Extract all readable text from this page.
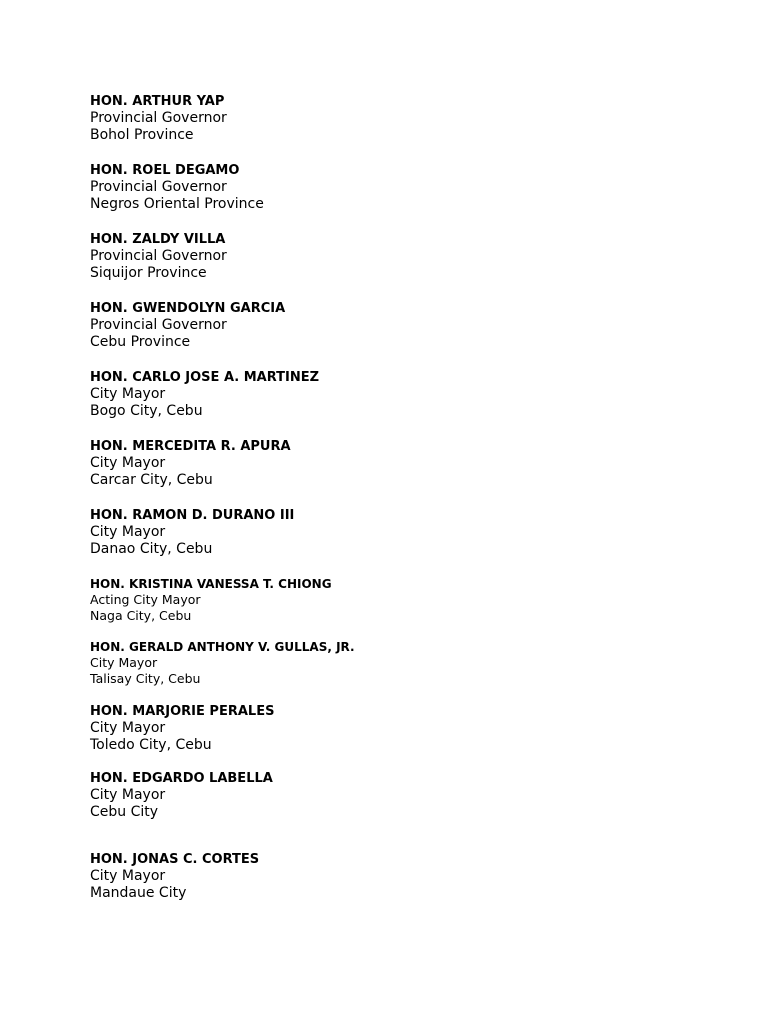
HON. ARTHUR YAP
Provincial Governor
Bohol Province
HON. ROEL DEGAMO
Provincial Governor
Negros Oriental Province
HON. ZALDY VILLA
Provincial Governor
Siquijor Province
HON. GWENDOLYN GARCIA
Provincial Governor
Cebu Province
HON. CARLO JOSE A. MARTINEZ
City Mayor
Bogo City, Cebu
HON. MERCEDITA R. APURA
City Mayor
Carcar City, Cebu
HON. RAMON D. DURANO III
City Mayor
Danao City, Cebu
HON. KRISTINA VANESSA T. CHIONG
Acting City Mayor
Naga City, Cebu
HON. GERALD ANTHONY V. GULLAS, JR.
City Mayor
Talisay City, Cebu
HON. MARJORIE PERALES
City Mayor
Toledo City, Cebu
HON. EDGARDO LABELLA
City Mayor
Cebu City
HON. JONAS C. CORTES
City Mayor
Mandaue City
